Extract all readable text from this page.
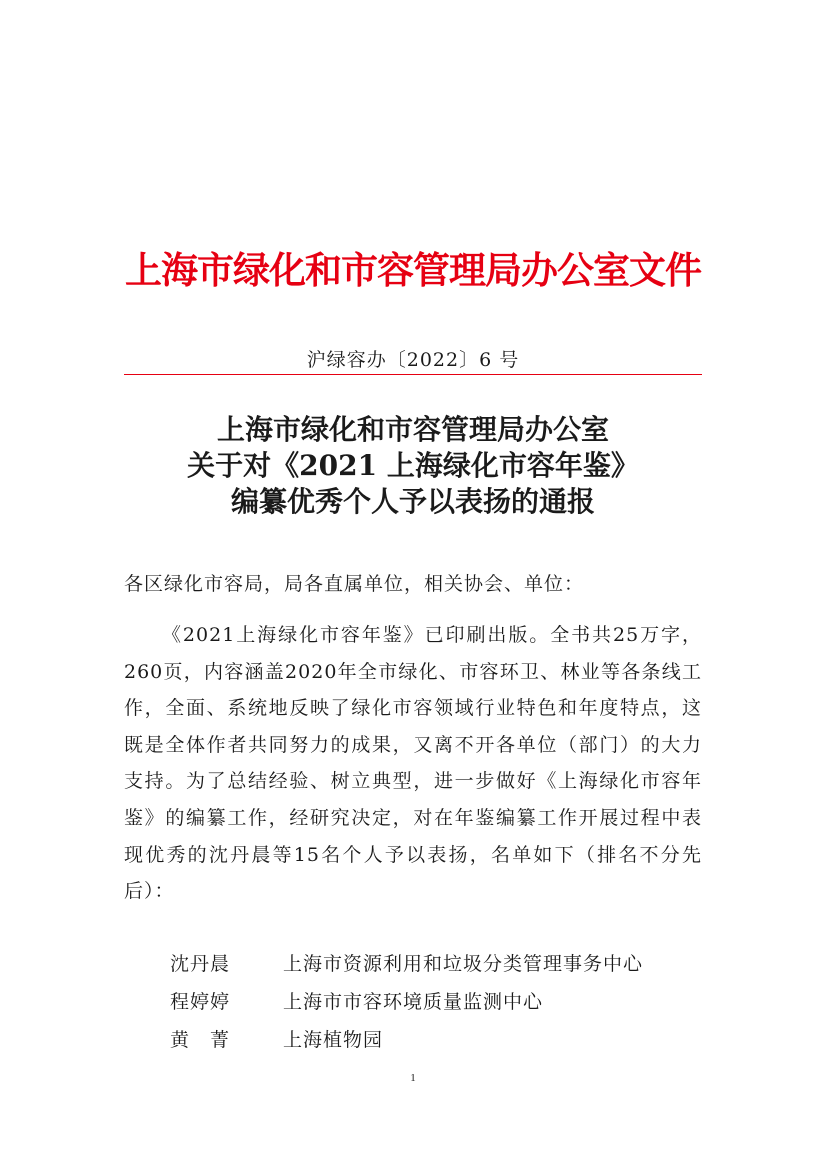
上海市绿化和市容管理局办公室文件
沪绿容办〔2022〕6 号
上海市绿化和市容管理局办公室
关于对《2021 上海绿化市容年鉴》
编纂优秀个人予以表扬的通报
各区绿化市容局，局各直属单位，相关协会、单位：

《2021上海绿化市容年鉴》已印刷出版。全书共25万字，260页，内容涵盖2020年全市绿化、市容环卫、林业等各条线工作，全面、系统地反映了绿化市容领域行业特色和年度特点，这既是全体作者共同努力的成果，又离不开各单位（部门）的大力支持。为了总结经验、树立典型，进一步做好《上海绿化市容年鉴》的编纂工作，经研究决定，对在年鉴编纂工作开展过程中表现优秀的沈丹晨等15名个人予以表扬，名单如下（排名不分先后）：

沈丹晨	上海市资源利用和垃圾分类管理事务中心
程婷婷	上海市市容环境质量监测中心
黄　菁	上海植物园
1
